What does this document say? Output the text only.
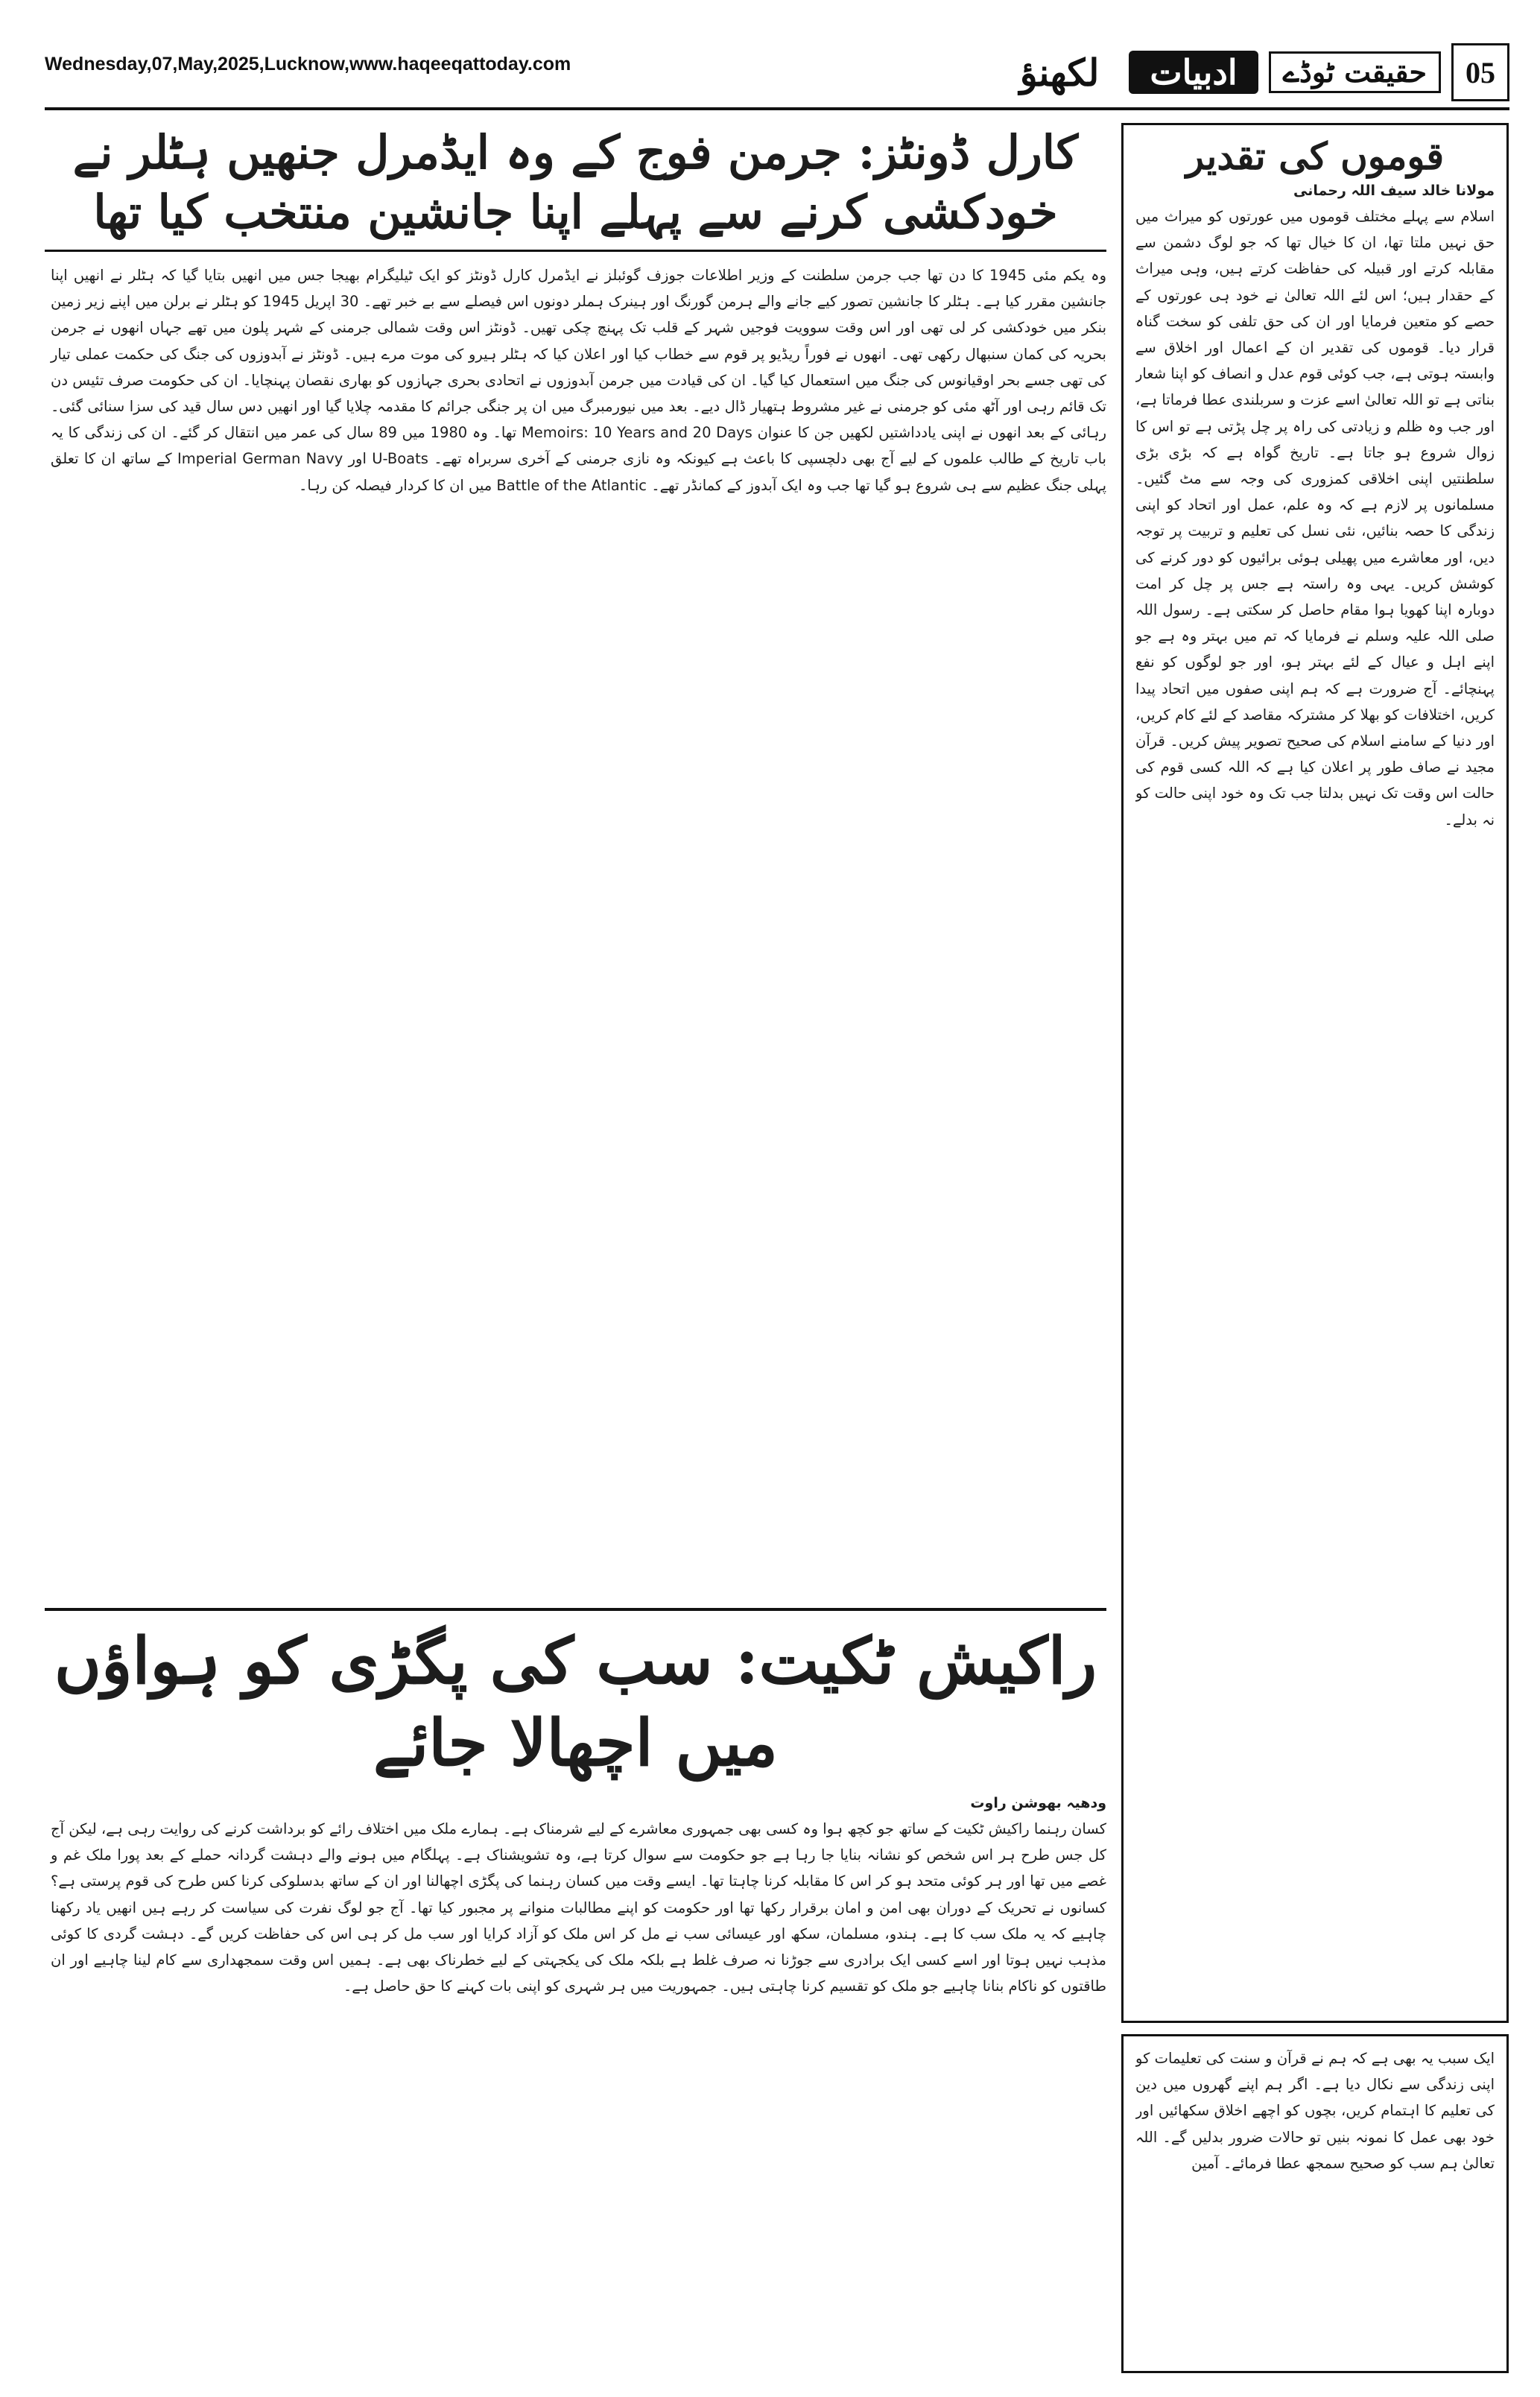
Wednesday,07,May,2025,Lucknow,www.haqeeqattoday.com	05
حقیقت ٹوڈے
ادبیات
لکھنؤ
قوموں کی تقدیر
مولانا خالد سیف اللہ رحمانی
اسلام سے پہلے مختلف قوموں میں عورتوں کو میراث میں حق نہیں ملتا تھا، ان کا خیال تھا کہ جو لوگ دشمن سے مقابلہ کرتے اور قبیلہ کی حفاظت کرتے ہیں، وہی میراث کے حقدار ہیں؛ اس لئے اللہ تعالیٰ نے خود ہی عورتوں کے حصے کو متعین فرمایا اور ان کی حق تلفی کو سخت گناہ قرار دیا۔ قوموں کی تقدیر ان کے اعمال اور اخلاق سے وابستہ ہوتی ہے، جب کوئی قوم عدل و انصاف کو اپنا شعار بناتی ہے تو اللہ تعالیٰ اسے عزت و سربلندی عطا فرماتا ہے، اور جب وہ ظلم و زیادتی کی راہ پر چل پڑتی ہے تو اس کا زوال شروع ہو جاتا ہے۔ تاریخ گواہ ہے کہ بڑی بڑی سلطنتیں اپنی اخلاقی کمزوری کی وجہ سے مٹ گئیں۔ مسلمانوں پر لازم ہے کہ وہ علم، عمل اور اتحاد کو اپنی زندگی کا حصہ بنائیں، نئی نسل کی تعلیم و تربیت پر توجہ دیں، اور معاشرے میں پھیلی ہوئی برائیوں کو دور کرنے کی کوشش کریں۔ یہی وہ راستہ ہے جس پر چل کر امت دوبارہ اپنا کھویا ہوا مقام حاصل کر سکتی ہے۔ رسول اللہ صلی اللہ علیہ وسلم نے فرمایا کہ تم میں بہتر وہ ہے جو اپنے اہل و عیال کے لئے بہتر ہو، اور جو لوگوں کو نفع پہنچائے۔ آج ضرورت ہے کہ ہم اپنی صفوں میں اتحاد پیدا کریں، اختلافات کو بھلا کر مشترکہ مقاصد کے لئے کام کریں، اور دنیا کے سامنے اسلام کی صحیح تصویر پیش کریں۔ قرآن مجید نے صاف طور پر اعلان کیا ہے کہ اللہ کسی قوم کی حالت اس وقت تک نہیں بدلتا جب تک وہ خود اپنی حالت کو نہ بدلے۔
کارل ڈونٹز: جرمن فوج کے وہ ایڈمرل جنھیں ہٹلر نے خودکشی کرنے سے پہلے اپنا جانشین منتخب کیا تھا
وہ یکم مئی 1945 کا دن تھا جب جرمن سلطنت کے وزیر اطلاعات جوزف گوئبلز نے ایڈمرل کارل ڈونٹز کو ایک ٹیلیگرام بھیجا جس میں انھیں بتایا گیا کہ ہٹلر نے انھیں اپنا جانشین مقرر کیا ہے۔ ہٹلر کا جانشین تصور کیے جانے والے ہرمن گورنگ اور ہینرک ہملر دونوں اس فیصلے سے بے خبر تھے۔ 30 اپریل 1945 کو ہٹلر نے برلن میں اپنے زیر زمین بنکر میں خودکشی کر لی تھی اور اس وقت سوویت فوجیں شہر کے قلب تک پہنچ چکی تھیں۔ ڈونٹز اس وقت شمالی جرمنی کے شہر پلون میں تھے جہاں انھوں نے جرمن بحریہ کی کمان سنبھال رکھی تھی۔ انھوں نے فوراً ریڈیو پر قوم سے خطاب کیا اور اعلان کیا کہ ہٹلر ہیرو کی موت مرے ہیں۔ ڈونٹز نے آبدوزوں کی جنگ کی حکمت عملی تیار کی تھی جسے بحر اوقیانوس کی جنگ میں استعمال کیا گیا۔ ان کی قیادت میں جرمن آبدوزوں نے اتحادی بحری جہازوں کو بھاری نقصان پہنچایا۔ ان کی حکومت صرف تئیس دن تک قائم رہی اور آٹھ مئی کو جرمنی نے غیر مشروط ہتھیار ڈال دیے۔ بعد میں نیورمبرگ میں ان پر جنگی جرائم کا مقدمہ چلایا گیا اور انھیں دس سال قید کی سزا سنائی گئی۔ رہائی کے بعد انھوں نے اپنی یادداشتیں لکھیں جن کا عنوان Memoirs: 10 Years and 20 Days تھا۔ وہ 1980 میں 89 سال کی عمر میں انتقال کر گئے۔ ان کی زندگی کا یہ باب تاریخ کے طالب علموں کے لیے آج بھی دلچسپی کا باعث ہے کیونکہ وہ نازی جرمنی کے آخری سربراہ تھے۔ U-Boats اور Imperial German Navy کے ساتھ ان کا تعلق پہلی جنگ عظیم سے ہی شروع ہو گیا تھا جب وہ ایک آبدوز کے کمانڈر تھے۔ Battle of the Atlantic میں ان کا کردار فیصلہ کن رہا۔
راکیش ٹکیت: سب کی پگڑی کو ہواؤں میں اچھالا جائے
ودھیہ بھوشن راوت
کسان رہنما راکیش ٹکیت کے ساتھ جو کچھ ہوا وہ کسی بھی جمہوری معاشرے کے لیے شرمناک ہے۔ ہمارے ملک میں اختلاف رائے کو برداشت کرنے کی روایت رہی ہے، لیکن آج کل جس طرح ہر اس شخص کو نشانہ بنایا جا رہا ہے جو حکومت سے سوال کرتا ہے، وہ تشویشناک ہے۔ پہلگام میں ہونے والے دہشت گردانہ حملے کے بعد پورا ملک غم و غصے میں تھا اور ہر کوئی متحد ہو کر اس کا مقابلہ کرنا چاہتا تھا۔ ایسے وقت میں کسان رہنما کی پگڑی اچھالنا اور ان کے ساتھ بدسلوکی کرنا کس طرح کی قوم پرستی ہے؟ کسانوں نے تحریک کے دوران بھی امن و امان برقرار رکھا تھا اور حکومت کو اپنے مطالبات منوانے پر مجبور کیا تھا۔ آج جو لوگ نفرت کی سیاست کر رہے ہیں انھیں یاد رکھنا چاہیے کہ یہ ملک سب کا ہے۔ ہندو، مسلمان، سکھ اور عیسائی سب نے مل کر اس ملک کو آزاد کرایا اور سب مل کر ہی اس کی حفاظت کریں گے۔ دہشت گردی کا کوئی مذہب نہیں ہوتا اور اسے کسی ایک برادری سے جوڑنا نہ صرف غلط ہے بلکہ ملک کی یکجہتی کے لیے خطرناک بھی ہے۔ ہمیں اس وقت سمجھداری سے کام لینا چاہیے اور ان طاقتوں کو ناکام بنانا چاہیے جو ملک کو تقسیم کرنا چاہتی ہیں۔ جمہوریت میں ہر شہری کو اپنی بات کہنے کا حق حاصل ہے۔
ایک سبب یہ بھی ہے کہ ہم نے قرآن و سنت کی تعلیمات کو اپنی زندگی سے نکال دیا ہے۔ اگر ہم اپنے گھروں میں دین کی تعلیم کا اہتمام کریں، بچوں کو اچھے اخلاق سکھائیں اور خود بھی عمل کا نمونہ بنیں تو حالات ضرور بدلیں گے۔ اللہ تعالیٰ ہم سب کو صحیح سمجھ عطا فرمائے۔ آمین
